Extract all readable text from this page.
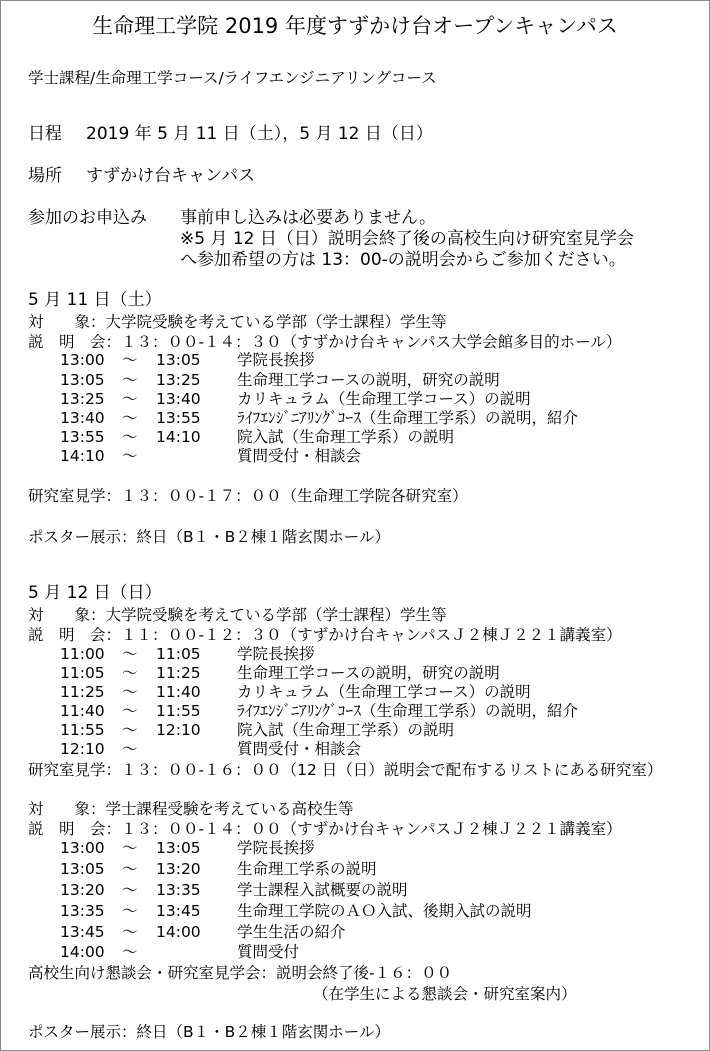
生命理工学院 2019 年度すずかけ台オープンキャンパス
学士課程/生命理工学コース/ライフエンジニアリングコース
日程 2019 年 5 月 11 日（土），5 月 12 日（日）
場所 すずかけ台キャンパス
参加のお申込み 事前申し込みは必要ありません。
※5 月 12 日（日）説明会終了後の高校生向け研究室見学会
へ参加希望の方は 13：00-の説明会からご参加ください。
5 月 11 日（土）
対　　象：大学院受験を考えている学部（学士課程）学生等
説　明　会：１３：００-１４：３０（すずかけ台キャンパス大学会館多目的ホール）
13:00 ～ 13:05 学院長挨拶
13:05 ～ 13:25 生命理工学コースの説明，研究の説明
13:25 ～ 13:40 カリキュラム（生命理工学コース）の説明
13:40 ～ 13:55 ﾗｲﾌｴﾝｼﾞﾆｱﾘﾝｸﾞｺｰｽ（生命理工学系）の説明，紹介
13:55 ～ 14:10 院入試（生命理工学系）の説明
14:10 ～	質問受付・相談会
研究室見学：１３：００-１７：００（生命理工学院各研究室）
ポスター展示：終日（B１・B２棟１階玄関ホール）
5 月 12 日（日）
対　　象：大学院受験を考えている学部（学士課程）学生等
説　明　会：１１：００-１２：３０（すずかけ台キャンパスＪ２棟Ｊ２２１講義室）
11:00 ～ 11:05 学院長挨拶
11:05 ～ 11:25 生命理工学コースの説明，研究の説明
11:25 ～ 11:40 カリキュラム（生命理工学コース）の説明
11:40 ～ 11:55 ﾗｲﾌｴﾝｼﾞﾆｱﾘﾝｸﾞｺｰｽ（生命理工学系）の説明，紹介
11:55 ～ 12:10 院入試（生命理工学系）の説明
12:10 ～	質問受付・相談会
研究室見学：１３：００-１６：００（12 日（日）説明会で配布するリストにある研究室）
対　　象：学士課程受験を考えている高校生等
説　明　会：１３：００-１４：００（すずかけ台キャンパスＪ２棟Ｊ２２１講義室）
13:00 ～ 13:05 学院長挨拶
13:05 ～ 13:20 生命理工学系の説明
13:20 ～ 13:35 学士課程入試概要の説明
13:35 ～ 13:45 生命理工学院のＡＯ入試、後期入試の説明
13:45 ～ 14:00 学生生活の紹介
14:00 ～	質問受付
高校生向け懇談会・研究室見学会：説明会終了後-１６：００
（在学生による懇談会・研究室案内）
ポスター展示：終日（B１・B２棟１階玄関ホール）
